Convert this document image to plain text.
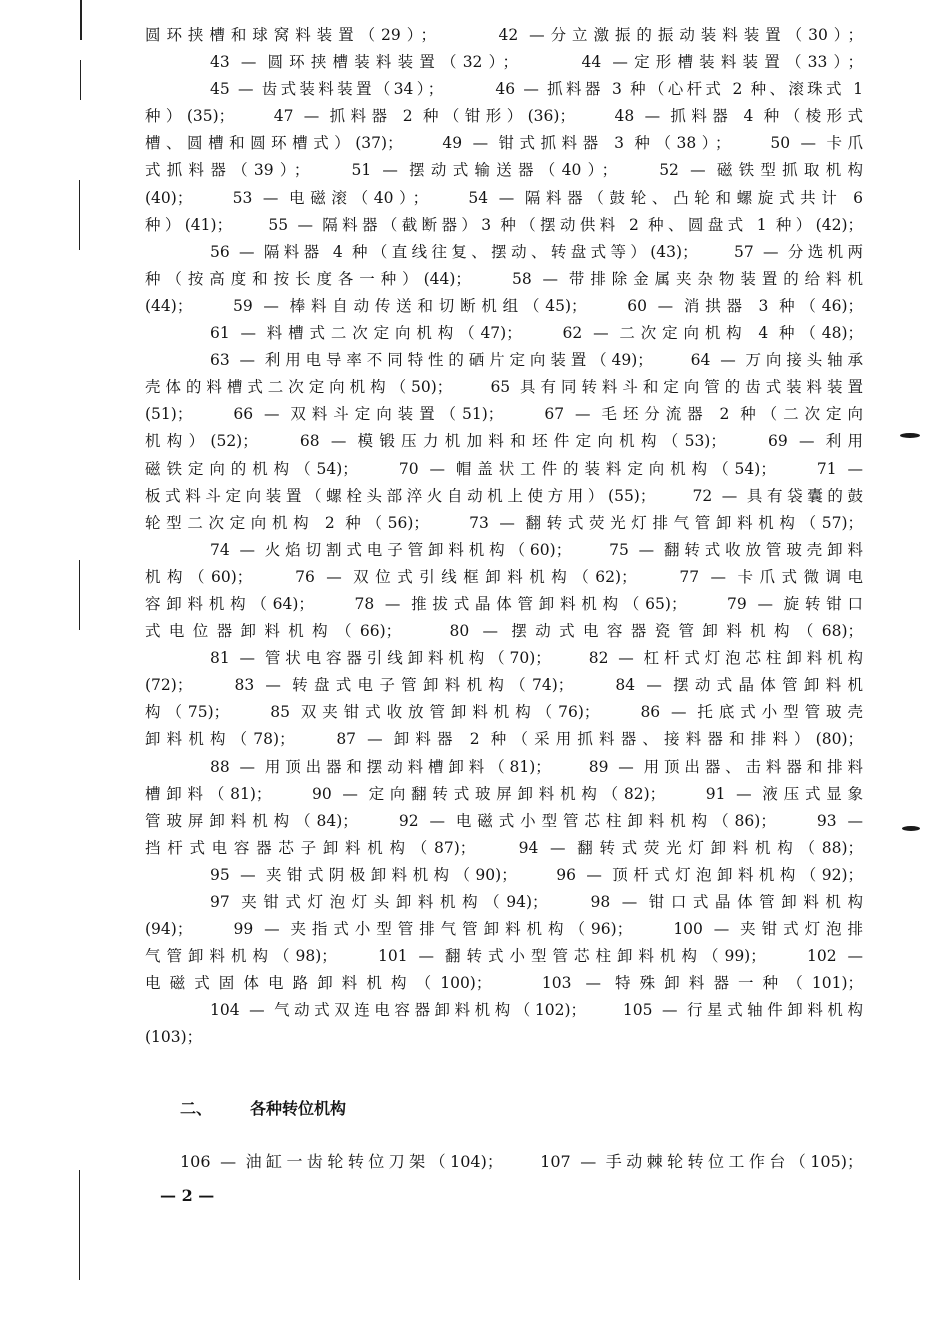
圆环挟槽和球窝料装置（29）；　　　42 —分立激振的振动装料装置（30）；
43 — 圆环挟槽装料装置（32）；　　　44 —定形槽装料装置（33）；
45 — 齿式装料装置（34）；　　　46 — 抓料器 3 种（心杆式 2 种、滚珠式 1
种）(35)；　　47 — 抓料器 2 种（钳形）(36)；　　48 — 抓料器 4 种（棱形式
槽、圆槽和圆环槽式）(37)；　　49 — 钳式抓料器 3 种（38）；　　50 — 卡爪
式抓料器（39）；　　51 — 摆动式输送器（40）；　　52 — 磁铁型抓取机构
(40)；　　53 — 电磁滚（40）；　　54 — 隔料器（鼓轮、凸轮和螺旋式共计 6
种）(41)；　　55 — 隔料器（截断器）3 种（摆动供料 2 种、圆盘式 1 种）(42)；
56 — 隔料器 4 种（直线往复、摆动、转盘式等）(43)；　　57 — 分选机两
种（按高度和按长度各一种）(44)；　　58 — 带排除金属夹杂物装置的给料机
(44)；　　59 — 棒料自动传送和切断机组（45)；　　60 — 消拱器 3 种（46)；
61 — 料槽式二次定向机构（47)；　　62 — 二次定向机构 4 种（48)；
63 — 利用电导率不同特性的硒片定向装置（49)；　　64 — 万向接头轴承
壳体的料槽式二次定向机构（50)；　　65 具有同转料斗和定向管的齿式装料装置
(51)；　　66 — 双料斗定向装置（51)；　　67 — 毛坯分流器 2 种（二次定向
机构）(52)；　　68 — 模锻压力机加料和坯件定向机构（53)；　　69 — 利用
磁铁定向的机构（54)；　　70 — 帽盖状工件的装料定向机构（54)；　　71 —
板式料斗定向装置（螺栓头部淬火自动机上使方用）(55)；　　72 — 具有袋囊的鼓
轮型二次定向机构 2 种（56)；　　73 — 翻转式荧光灯排气管卸料机构（57)；
74 — 火焰切割式电子管卸料机构（60)；　　75 — 翻转式收放管玻壳卸料
机构（60)；　　76 — 双位式引线框卸料机构（62)；　　77 — 卡爪式微调电
容卸料机构（64)；　　78 — 推拔式晶体管卸料机构（65)；　　79 — 旋转钳口
式电位器卸料机构（66)；　　80 — 摆动式电容器瓷管卸料机构（68)；
81 — 管状电容器引线卸料机构（70)；　　82 — 杠杆式灯泡芯柱卸料机构
(72)；　　83 — 转盘式电子管卸料机构（74)；　　84 — 摆动式晶体管卸料机
构（75)；　　85 双夹钳式收放管卸料机构（76)；　　86 — 托底式小型管玻壳
卸料机构（78)；　　87 — 卸料器 2 种（采用抓料器、接料器和排料）(80)；
88 — 用顶出器和摆动料槽卸料（81)；　　89 — 用顶出器、击料器和排料
槽卸料（81)；　　90 — 定向翻转式玻屏卸料机构（82)；　　91 — 液压式显象
管玻屏卸料机构（84)；　　92 — 电磁式小型管芯柱卸料机构（86)；　　93 —
挡杆式电容器芯子卸料机构（87)；　　94 — 翻转式荧光灯卸料机构（88)；
95 — 夹钳式阴极卸料机构（90)；　　96 — 顶杆式灯泡卸料机构（92)；
97 夹钳式灯泡灯头卸料机构（94)；　　98 — 钳口式晶体管卸料机构
(94)；　　99 — 夹指式小型管排气管卸料机构（96)；　　100 — 夹钳式灯泡排
气管卸料机构（98)；　　101 — 翻转式小型管芯柱卸料机构（99)；　　102 —
电磁式固体电路卸料机构（100)；　　103 — 特殊卸料器一种（101)；
104 — 气动式双连电容器卸料机构（102)；　　105 — 行星式轴件卸料机构
(103)；
二、 各种转位机构
106 — 油缸一齿轮转位刀架（104)；　　107 — 手动棘轮转位工作台（105)；
— 2 —
